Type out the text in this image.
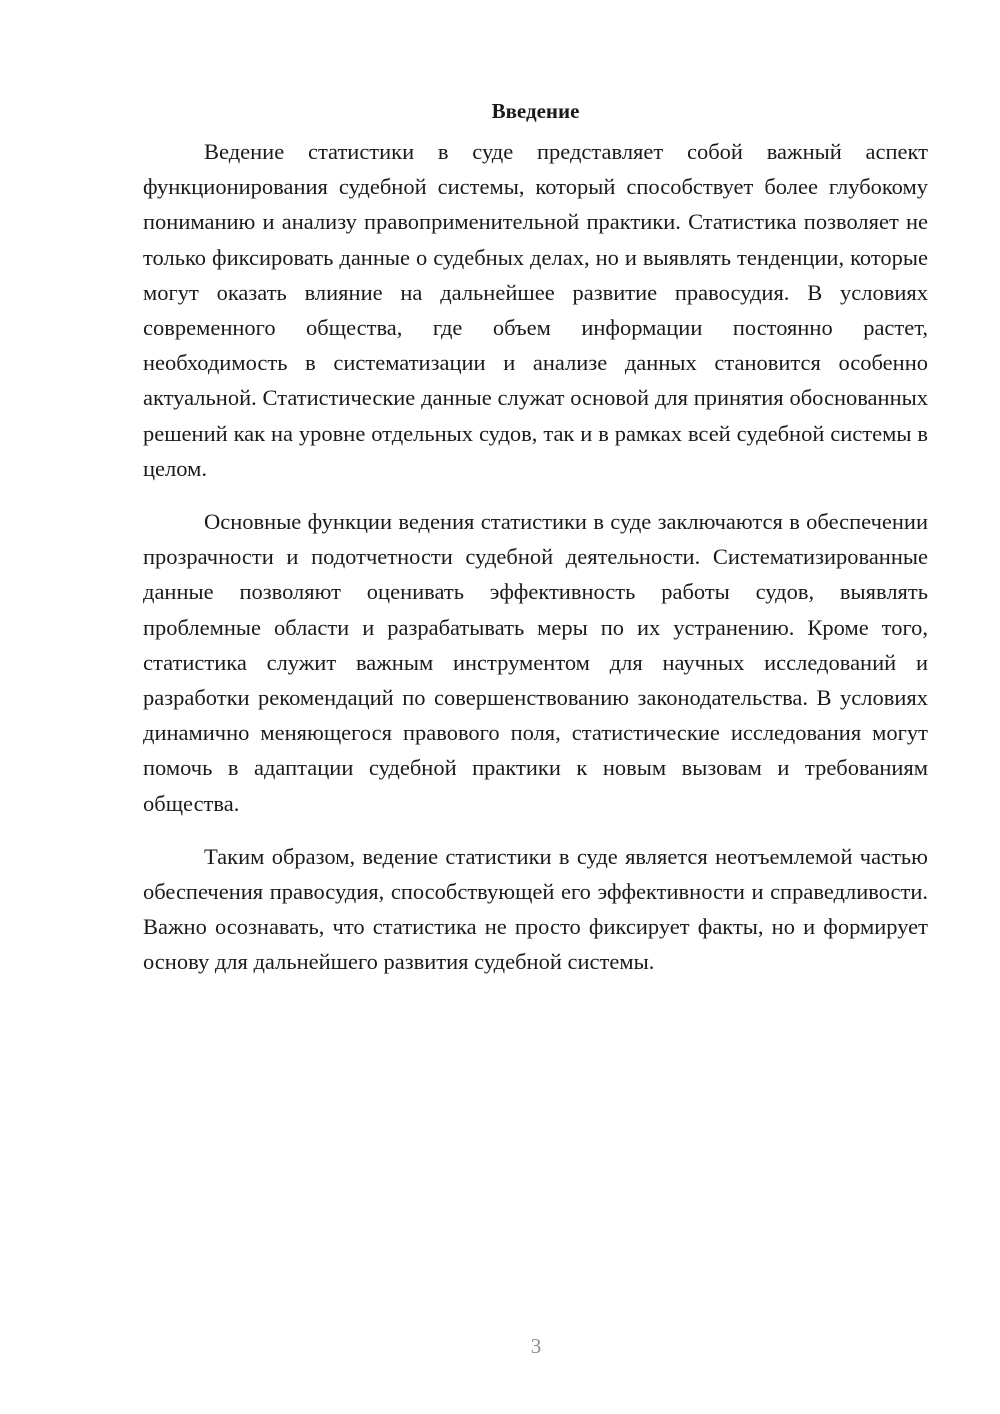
Введение

Ведение статистики в суде представляет собой важный аспект функционирования судебной системы, который способствует более глубокому пониманию и анализу правоприменительной практики. Статистика позволяет не только фиксировать данные о судебных делах, но и выявлять тенденции, которые могут оказать влияние на дальнейшее развитие правосудия. В условиях современного общества, где объем информации постоянно растет, необходимость в систематизации и анализе данных становится особенно актуальной. Статистические данные служат основой для принятия обоснованных решений как на уровне отдельных судов, так и в рамках всей судебной системы в целом.

Основные функции ведения статистики в суде заключаются в обеспечении прозрачности и подотчетности судебной деятельности. Систематизированные данные позволяют оценивать эффективность работы судов, выявлять проблемные области и разрабатывать меры по их устранению. Кроме того, статистика служит важным инструментом для научных исследований и разработки рекомендаций по совершенствованию законодательства. В условиях динамично меняющегося правового поля, статистические исследования могут помочь в адаптации судебной практики к новым вызовам и требованиям общества.

Таким образом, ведение статистики в суде является неотъемлемой частью обеспечения правосудия, способствующей его эффективности и справедливости. Важно осознавать, что статистика не просто фиксирует факты, но и формирует основу для дальнейшего развития судебной системы.

3
